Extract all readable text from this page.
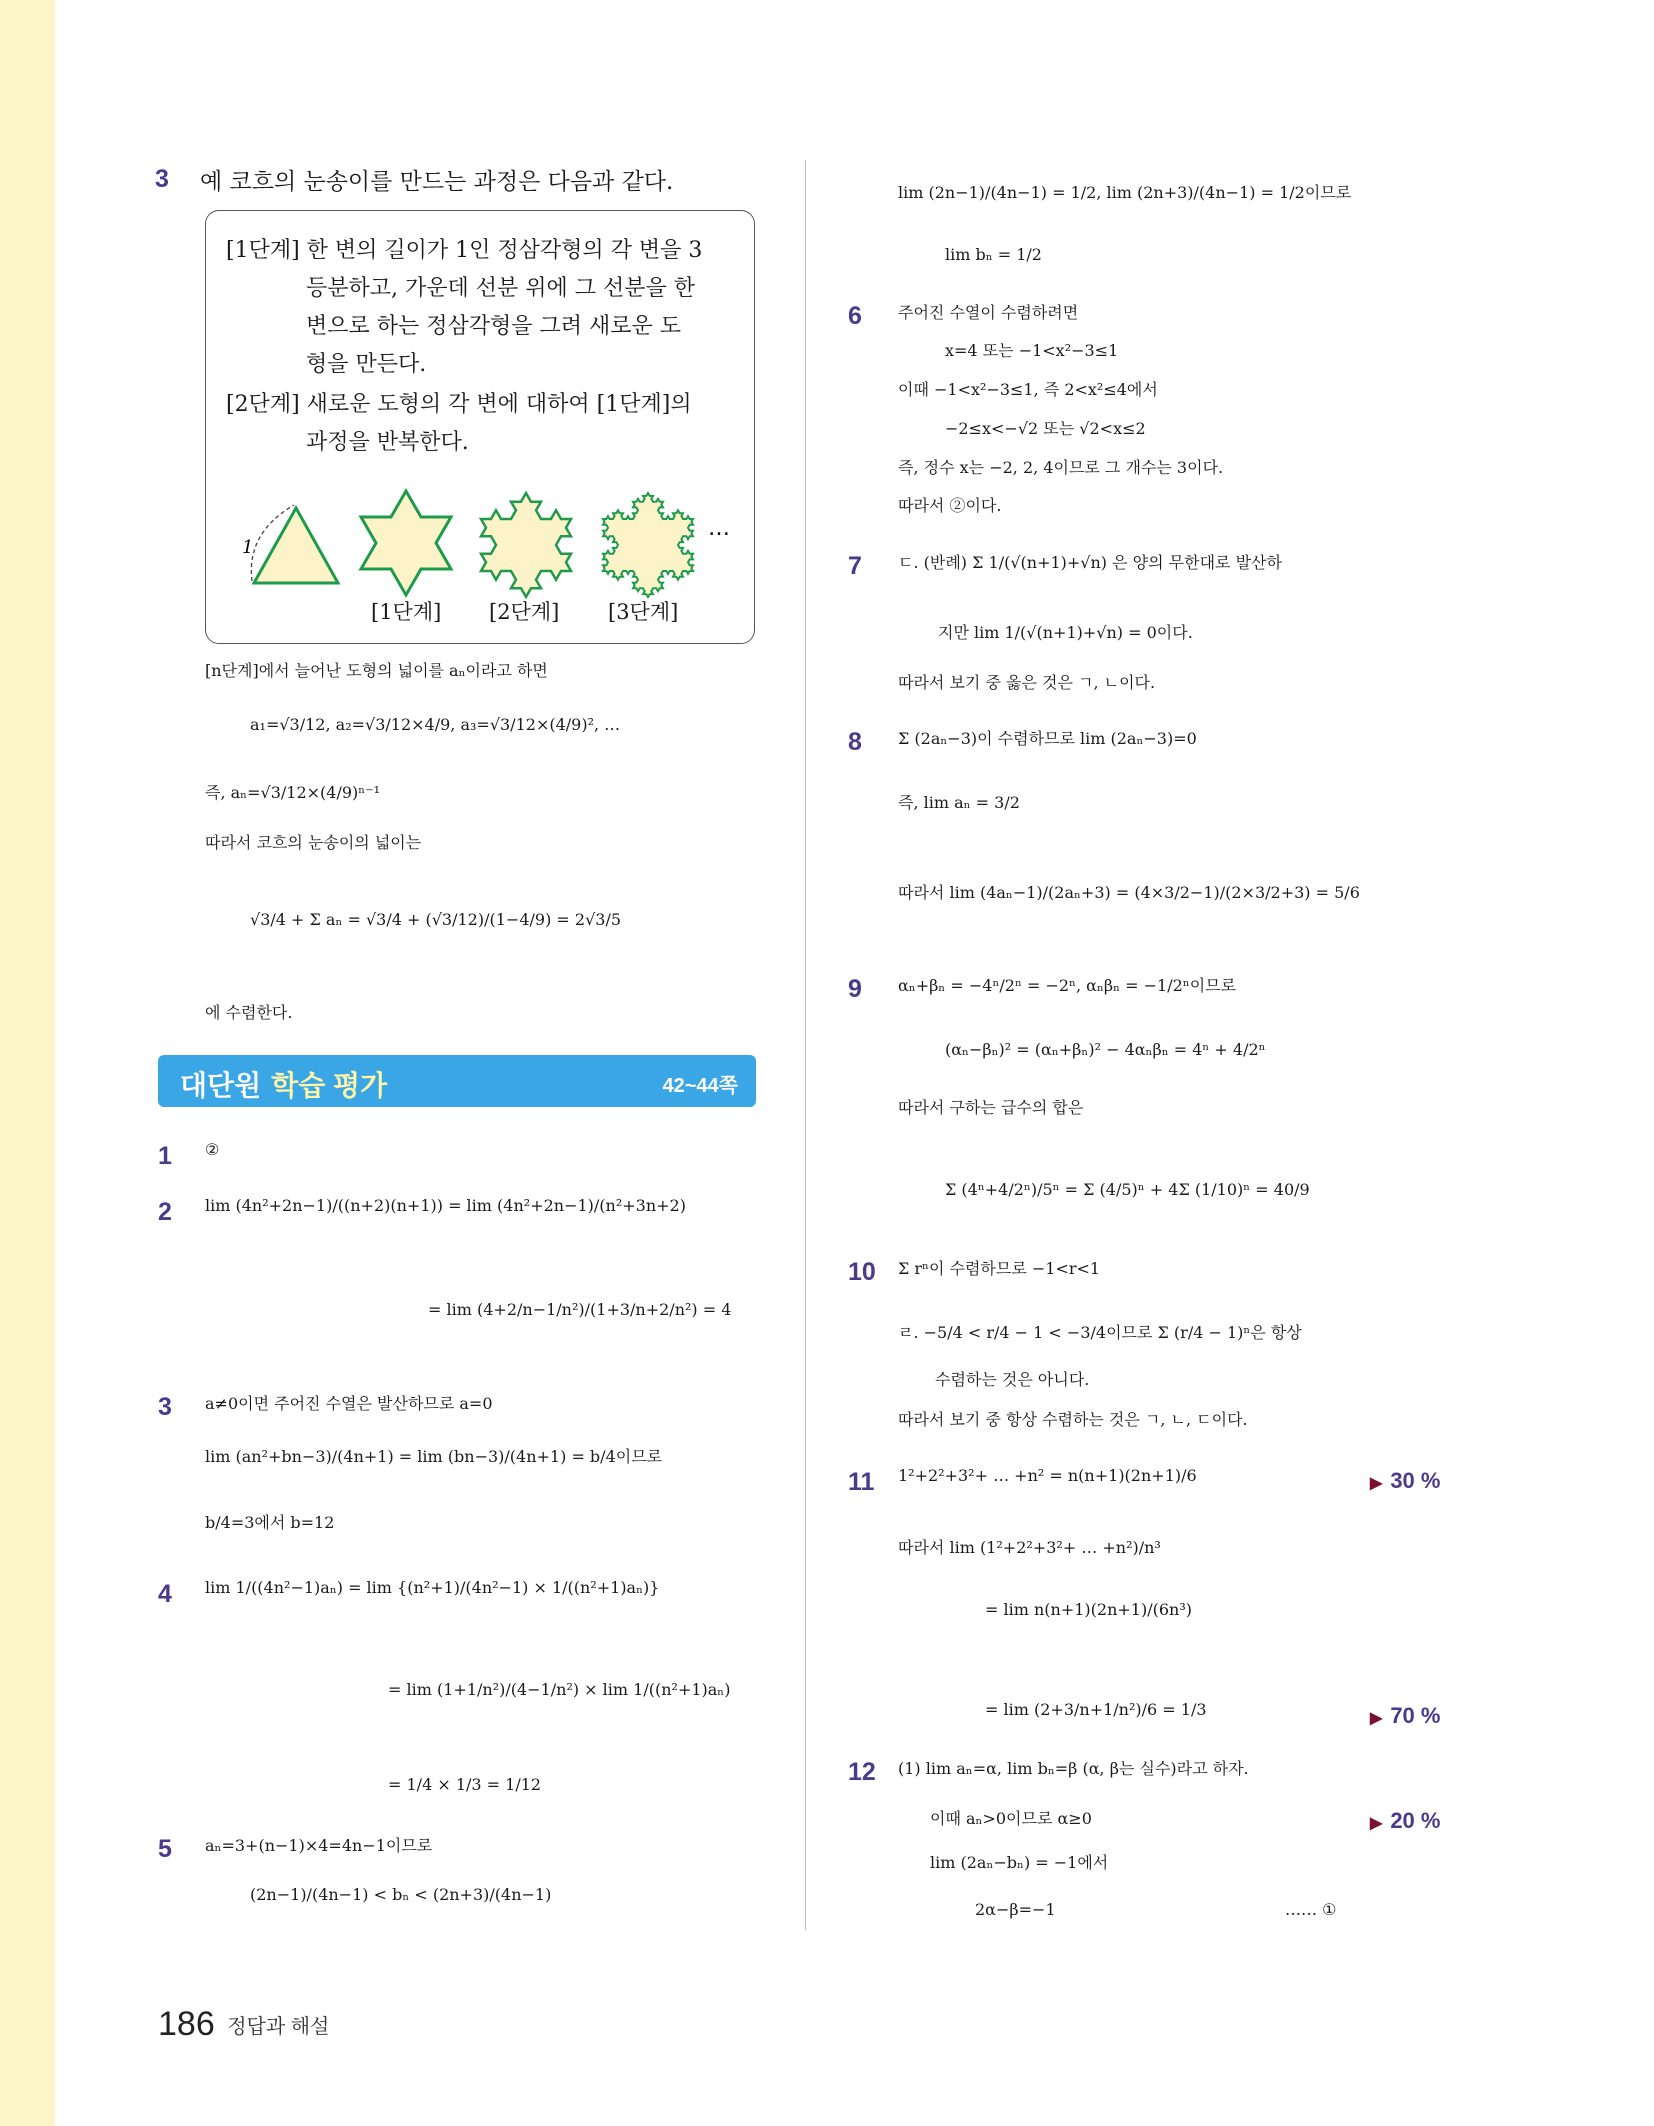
3 예 코흐의 눈송이를 만드는 과정은 다음과 같다.
[1단계] 한 변의 길이가 1인 정삼각형의 각 변을 3
등분하고, 가운데 선분 위에 그 선분을 한
변으로 하는 정삼각형을 그려 새로운 도
형을 만든다.
[2단계] 새로운 도형의 각 변에 대하여 [1단계]의
과정을 반복한다.
1
…
[1단계] [2단계] [3단계]
[n단계]에서 늘어난 도형의 넓이를 aₙ이라고 하면
a₁=√3/12, a₂=√3/12×4/9, a₃=√3/12×(4/9)², …
즉, aₙ=√3/12×(4/9)ⁿ⁻¹
따라서 코흐의 눈송이의 넓이는
√3/4 + Σ aₙ = √3/4 + (√3/12)/(1−4/9) = 2√3/5
에 수렴한다.
대단원 학습 평가	42~44쪽
1 ②
2 lim (4n²+2n−1)/((n+2)(n+1)) = lim (4n²+2n−1)/(n²+3n+2)
= lim (4+2/n−1/n²)/(1+3/n+2/n²) = 4
3 a≠0이면 주어진 수열은 발산하므로 a=0
lim (an²+bn−3)/(4n+1) = lim (bn−3)/(4n+1) = b/4이므로
b/4=3에서 b=12
4 lim 1/((4n²−1)aₙ) = lim {(n²+1)/(4n²−1) × 1/((n²+1)aₙ)}
= lim (1+1/n²)/(4−1/n²) × lim 1/((n²+1)aₙ)
= 1/4 × 1/3 = 1/12
5 aₙ=3+(n−1)×4=4n−1이므로
(2n−1)/(4n−1) < bₙ < (2n+3)/(4n−1)
lim (2n−1)/(4n−1) = 1/2, lim (2n+3)/(4n−1) = 1/2이므로
lim bₙ = 1/2
6 주어진 수열이 수렴하려면
x=4 또는 −1<x²−3≤1
이때 −1<x²−3≤1, 즉 2<x²≤4에서
−2≤x<−√2 또는 √2<x≤2
즉, 정수 x는 −2, 2, 4이므로 그 개수는 3이다.
따라서 ②이다.
7 ㄷ. (반례) Σ 1/(√(n+1)+√n) 은 양의 무한대로 발산하
지만 lim 1/(√(n+1)+√n) = 0이다.
따라서 보기 중 옳은 것은 ㄱ, ㄴ이다.
8 Σ (2aₙ−3)이 수렴하므로 lim (2aₙ−3)=0
즉, lim aₙ = 3/2
따라서 lim (4aₙ−1)/(2aₙ+3) = (4×3/2−1)/(2×3/2+3) = 5/6
9 αₙ+βₙ = −4ⁿ/2ⁿ = −2ⁿ, αₙβₙ = −1/2ⁿ이므로
(αₙ−βₙ)² = (αₙ+βₙ)² − 4αₙβₙ = 4ⁿ + 4/2ⁿ
따라서 구하는 급수의 합은
Σ (4ⁿ+4/2ⁿ)/5ⁿ = Σ (4/5)ⁿ + 4Σ (1/10)ⁿ = 40/9
10 Σ rⁿ이 수렴하므로 −1<r<1
ㄹ. −5/4 < r/4 − 1 < −3/4이므로 Σ (r/4 − 1)ⁿ은 항상
수렴하는 것은 아니다.
따라서 보기 중 항상 수렴하는 것은 ㄱ, ㄴ, ㄷ이다.
11 1²+2²+3²+ … +n² = n(n+1)(2n+1)/6	▶ 30 %
따라서 lim (1²+2²+3²+ … +n²)/n³
= lim n(n+1)(2n+1)/(6n³)
= lim (2+3/n+1/n²)/6 = 1/3	▶ 70 %
12 (1) lim aₙ=α, lim bₙ=β (α, β는 실수)라고 하자.
이때 aₙ>0이므로 α≥0	▶ 20 %
lim (2aₙ−bₙ) = −1에서
2α−β=−1	…… ①
186 정답과 해설
